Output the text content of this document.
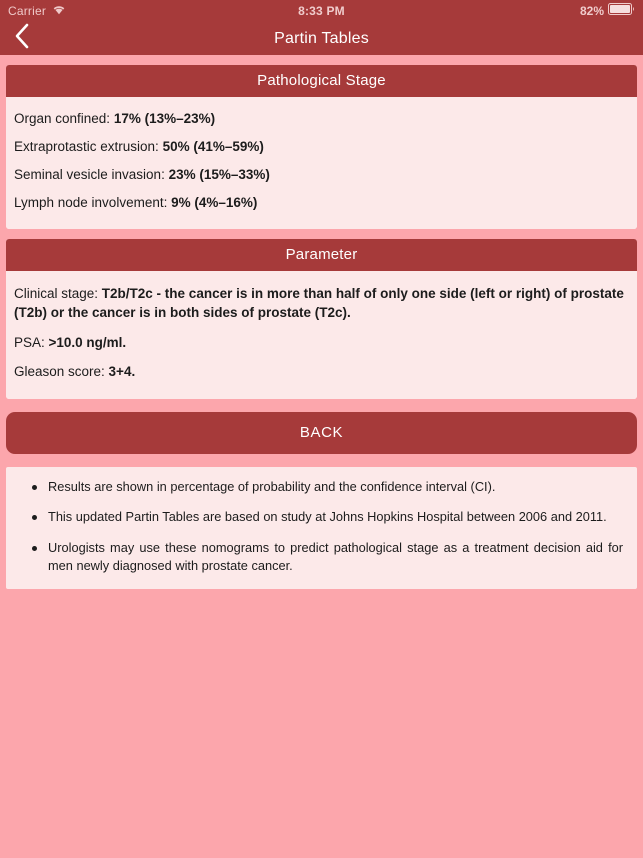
Carrier	8:33 PM	82%
Partin Tables
Pathological Stage
Organ confined: 17% (13%–23%)
Extraprotastic extrusion: 50% (41%–59%)
Seminal vesicle invasion: 23% (15%–33%)
Lymph node involvement: 9% (4%–16%)
Parameter
Clinical stage: T2b/T2c - the cancer is in more than half of only one side (left or right) of prostate (T2b) or the cancer is in both sides of prostate (T2c).
PSA: >10.0 ng/ml.
Gleason score: 3+4.
BACK
Results are shown in percentage of probability and the confidence interval (CI).
This updated Partin Tables are based on study at Johns Hopkins Hospital between 2006 and 2011.
Urologists may use these nomograms to predict pathological stage as a treatment decision aid for men newly diagnosed with prostate cancer.
